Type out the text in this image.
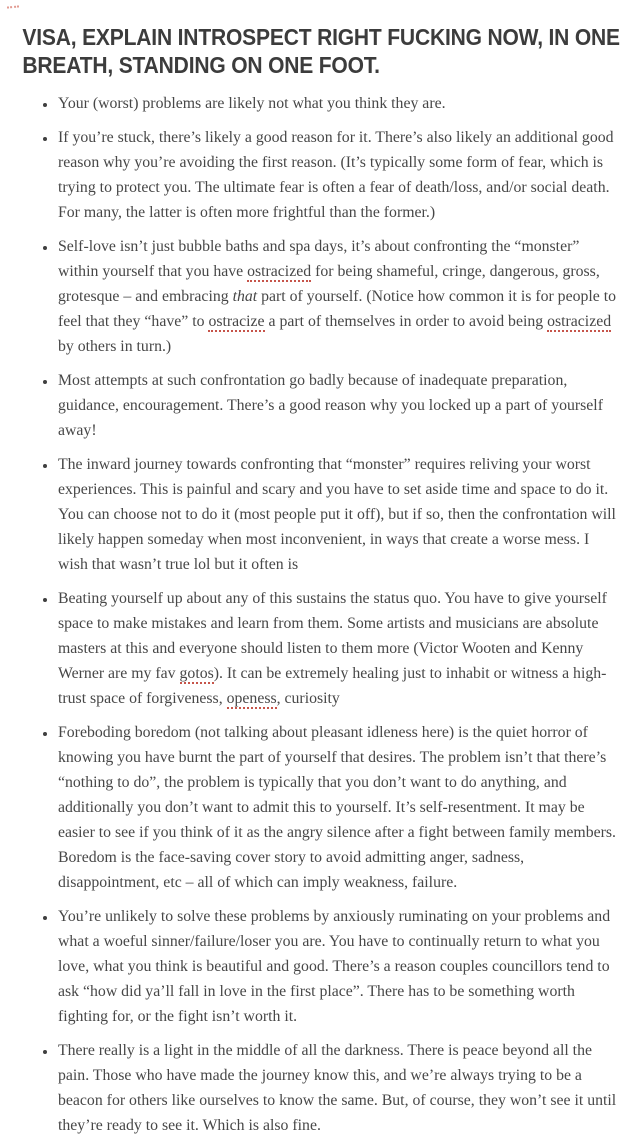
VISA, EXPLAIN INTROSPECT RIGHT FUCKING NOW, IN ONE
BREATH, STANDING ON ONE FOOT.
• Your (worst) problems are likely not what you think they are.
• If you’re stuck, there’s likely a good reason for it. There’s also likely an additional good reason why you’re avoiding the first reason. (It’s typically some form of fear, which is trying to protect you. The ultimate fear is often a fear of death/loss, and/or social death. For many, the latter is often more frightful than the former.)
• Self-love isn’t just bubble baths and spa days, it’s about confronting the “monster” within yourself that you have ostracized for being shameful, cringe, dangerous, gross, grotesque – and embracing that part of yourself. (Notice how common it is for people to feel that they “have” to ostracize a part of themselves in order to avoid being ostracized by others in turn.)
• Most attempts at such confrontation go badly because of inadequate preparation, guidance, encouragement. There’s a good reason why you locked up a part of yourself away!
• The inward journey towards confronting that “monster” requires reliving your worst experiences. This is painful and scary and you have to set aside time and space to do it. You can choose not to do it (most people put it off), but if so, then the confrontation will likely happen someday when most inconvenient, in ways that create a worse mess. I wish that wasn’t true lol but it often is
• Beating yourself up about any of this sustains the status quo. You have to give yourself space to make mistakes and learn from them. Some artists and musicians are absolute masters at this and everyone should listen to them more (Victor Wooten and Kenny Werner are my fav gotos). It can be extremely healing just to inhabit or witness a high-trust space of forgiveness, openess, curiosity
• Foreboding boredom (not talking about pleasant idleness here) is the quiet horror of knowing you have burnt the part of yourself that desires. The problem isn’t that there’s “nothing to do”, the problem is typically that you don’t want to do anything, and additionally you don’t want to admit this to yourself. It’s self-resentment. It may be easier to see if you think of it as the angry silence after a fight between family members. Boredom is the face-saving cover story to avoid admitting anger, sadness, disappointment, etc – all of which can imply weakness, failure.
• You’re unlikely to solve these problems by anxiously ruminating on your problems and what a woeful sinner/failure/loser you are. You have to continually return to what you love, what you think is beautiful and good. There’s a reason couples councillors tend to ask “how did ya’ll fall in love in the first place”. There has to be something worth fighting for, or the fight isn’t worth it.
• There really is a light in the middle of all the darkness. There is peace beyond all the pain. Those who have made the journey know this, and we’re always trying to be a beacon for others like ourselves to know the same. But, of course, they won’t see it until they’re ready to see it. Which is also fine.
